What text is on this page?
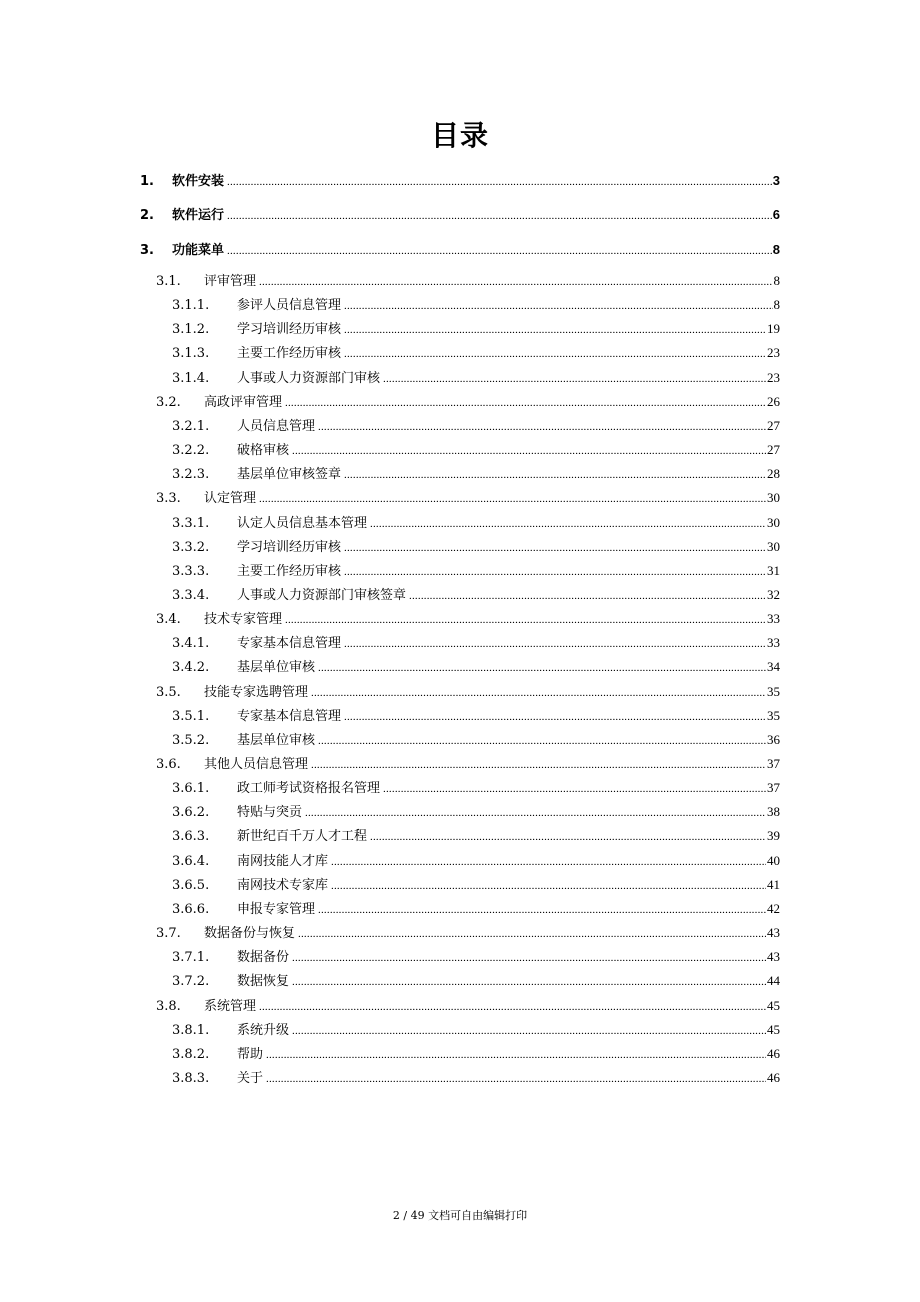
目录
1.	软件安装 .....	3
2.	软件运行 .....	6
3.	功能菜单 .....	8
3.1.	评审管理 .....	8
3.1.1.	参评人员信息管理 .....	8
3.1.2.	学习培训经历审核 .....	19
3.1.3.	主要工作经历审核 .....	23
3.1.4.	人事或人力资源部门审核 .....	23
3.2.	高政评审管理 .....	26
3.2.1.	人员信息管理 .....	27
3.2.2.	破格审核 .....	27
3.2.3.	基层单位审核签章 .....	28
3.3.	认定管理 .....	30
3.3.1.	认定人员信息基本管理 .....	30
3.3.2.	学习培训经历审核 .....	30
3.3.3.	主要工作经历审核 .....	31
3.3.4.	人事或人力资源部门审核签章 .....	32
3.4.	技术专家管理 .....	33
3.4.1.	专家基本信息管理 .....	33
3.4.2.	基层单位审核 .....	34
3.5.	技能专家选聘管理 .....	35
3.5.1.	专家基本信息管理 .....	35
3.5.2.	基层单位审核 .....	36
3.6.	其他人员信息管理 .....	37
3.6.1.	政工师考试资格报名管理 .....	37
3.6.2.	特贴与突贡 .....	38
3.6.3.	新世纪百千万人才工程 .....	39
3.6.4.	南网技能人才库 .....	40
3.6.5.	南网技术专家库 .....	41
3.6.6.	申报专家管理 .....	42
3.7.	数据备份与恢复 .....	43
3.7.1.	数据备份 .....	43
3.7.2.	数据恢复 .....	44
3.8.	系统管理 .....	45
3.8.1.	系统升级 .....	45
3.8.2.	帮助 .....	46
3.8.3.	关于 .....	46
2 / 49 文档可自由编辑打印
